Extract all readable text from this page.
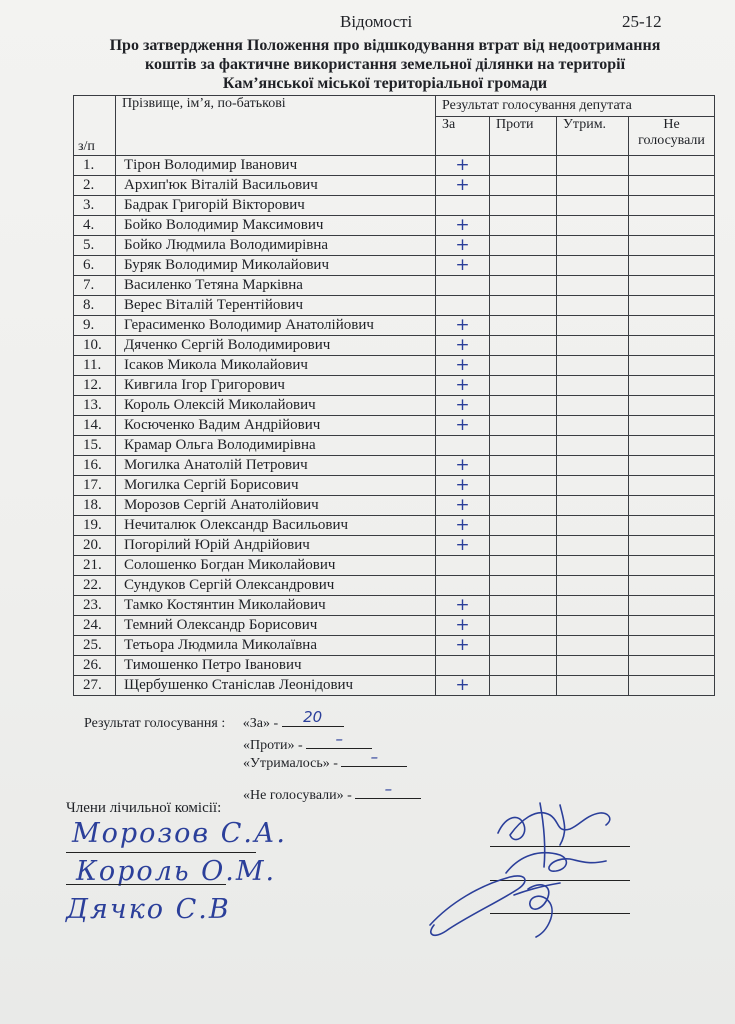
Відомості	25-12
Про затвердження Положення про відшкодування втрат від недоотримання
коштів за фактичне використання земельної ділянки на території
Кам’янської міської територіальної громади
з/п	Прізвище, ім’я, по-батькові	Результат голосування депутата			
		За	Проти	Утрим.	Не
голосували

1.	Тірон Володимир Іванович	+			
2.	Архип'юк Віталій Васильович	+			
3.	Бадрак Григорій Вікторович				
4.	Бойко Володимир Максимович	+			
5.	Бойко Людмила Володимирівна	+			
6.	Буряк Володимир Миколайович	+			
7.	Василенко Тетяна Марківна				
8.	Верес Віталій Терентійович				
9.	Герасименко Володимир Анатолійович	+			
10.	Дяченко Сергій Володимирович	+			
11.	Ісаков Микола Миколайович	+			
12.	Кивгила Ігор Григорович	+			
13.	Король Олексій Миколайович	+			
14.	Косюченко Вадим Андрійович	+			
15.	Крамар Ольга Володимирівна				
16.	Могилка Анатолій Петрович	+			
17.	Могилка Сергій Борисович	+			
18.	Морозов Сергій Анатолійович	+			
19.	Нечиталюк Олександр Васильович	+			
20.	Погорілий Юрій Андрійович	+			
21.	Солошенко Богдан Миколайович				
22.	Сундуков Сергій Олександрович				
23.	Тамко Костянтин Миколайович	+			
24.	Темний Олександр Борисович	+			
25.	Тетьора Людмила Миколаївна	+			
26.	Тимошенко Петро Іванович				
27.	Щербушенко Станіслав Леонідович	+			
Результат голосування : «За» -	20
«Проти» -	–
«Утрималось» -	–
«Не голосували» -	–
Члени лічильної комісії:
Морозов С.А.
Король О.М.
Дячко С.В
